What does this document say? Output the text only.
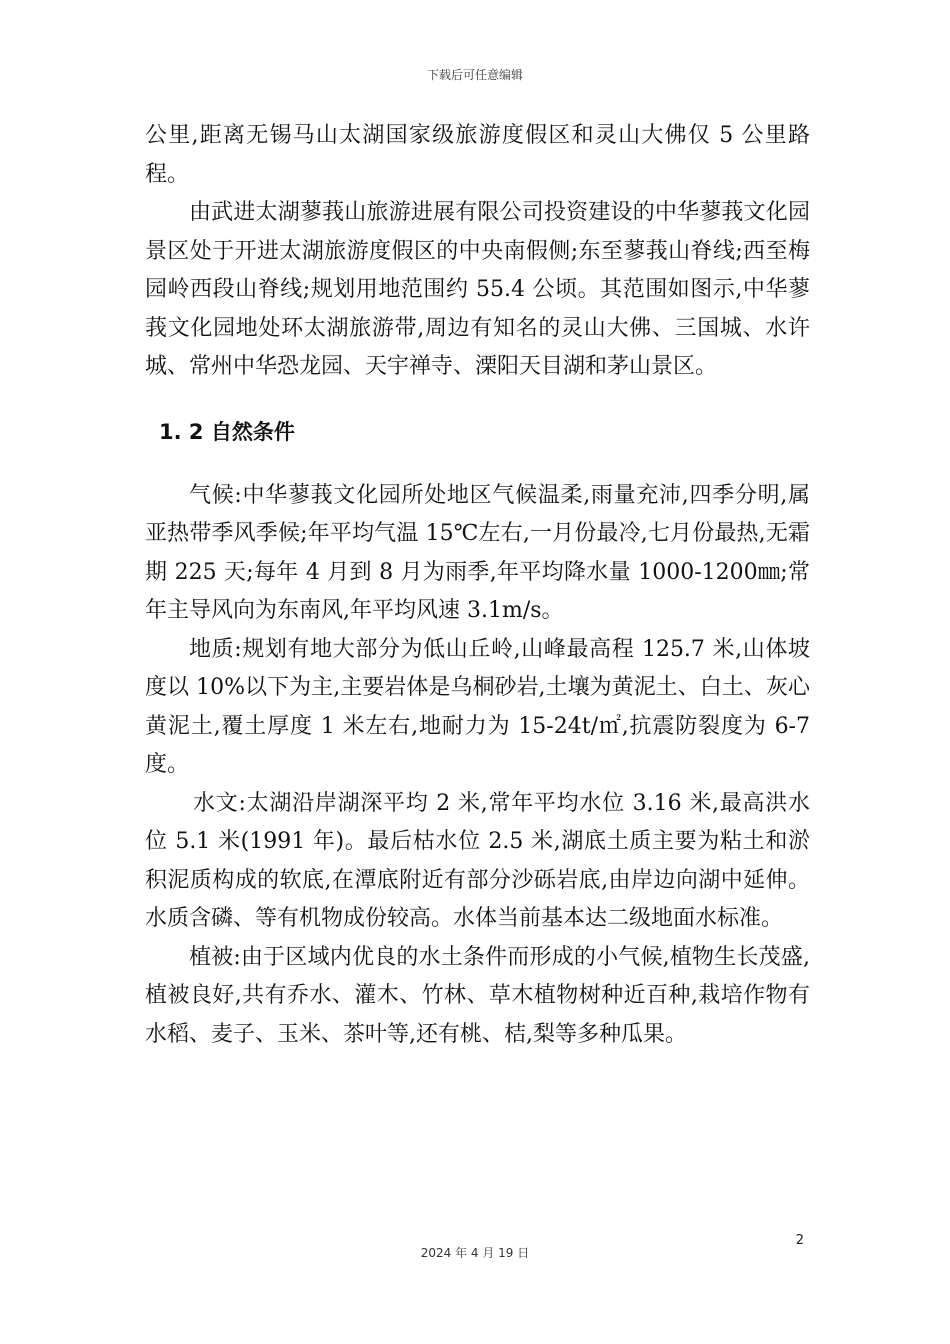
下载后可任意编辑

公里,距离无锡马山太湖国家级旅游度假区和灵山大佛仅 5 公里路程。

由武进太湖蓼莪山旅游进展有限公司投资建设的中华蓼莪文化园景区处于开进太湖旅游度假区的中央南假侧;东至蓼莪山脊线;西至梅园岭西段山脊线;规划用地范围约 55.4 公顷。其范围如图示,中华蓼莪文化园地处环太湖旅游带,周边有知名的灵山大佛、三国城、水许城、常州中华恐龙园、天宇禅寺、溧阳天目湖和茅山景区。

1. 2 自然条件

气候:中华蓼莪文化园所处地区气候温柔,雨量充沛,四季分明,属亚热带季风季候;年平均气温 15℃左右,一月份最冷,七月份最热,无霜期 225 天;每年 4 月到 8 月为雨季,年平均降水量 1000-1200㎜;常年主导风向为东南风,年平均风速 3.1m/s。

地质:规划有地大部分为低山丘岭,山峰最高程 125.7 米,山体坡度以 10%以下为主,主要岩体是乌桐砂岩,土壤为黄泥土、白土、灰心黄泥土,覆土厚度 1 米左右,地耐力为 15-24t/㎡,抗震防裂度为 6-7 度。

水文:太湖沿岸湖深平均 2 米,常年平均水位 3.16 米,最高洪水位 5.1 米(1991 年)。最后枯水位 2.5 米,湖底土质主要为粘土和淤积泥质构成的软底,在潭底附近有部分沙砾岩底,由岸边向湖中延伸。水质含磷、等有机物成份较高。水体当前基本达二级地面水标准。

植被:由于区域内优良的水土条件而形成的小气候,植物生长茂盛,植被良好,共有乔水、灌木、竹林、草木植物树种近百种,栽培作物有水稻、麦子、玉米、茶叶等,还有桃、桔,梨等多种瓜果。

2
2024 年 4 月 19 日
